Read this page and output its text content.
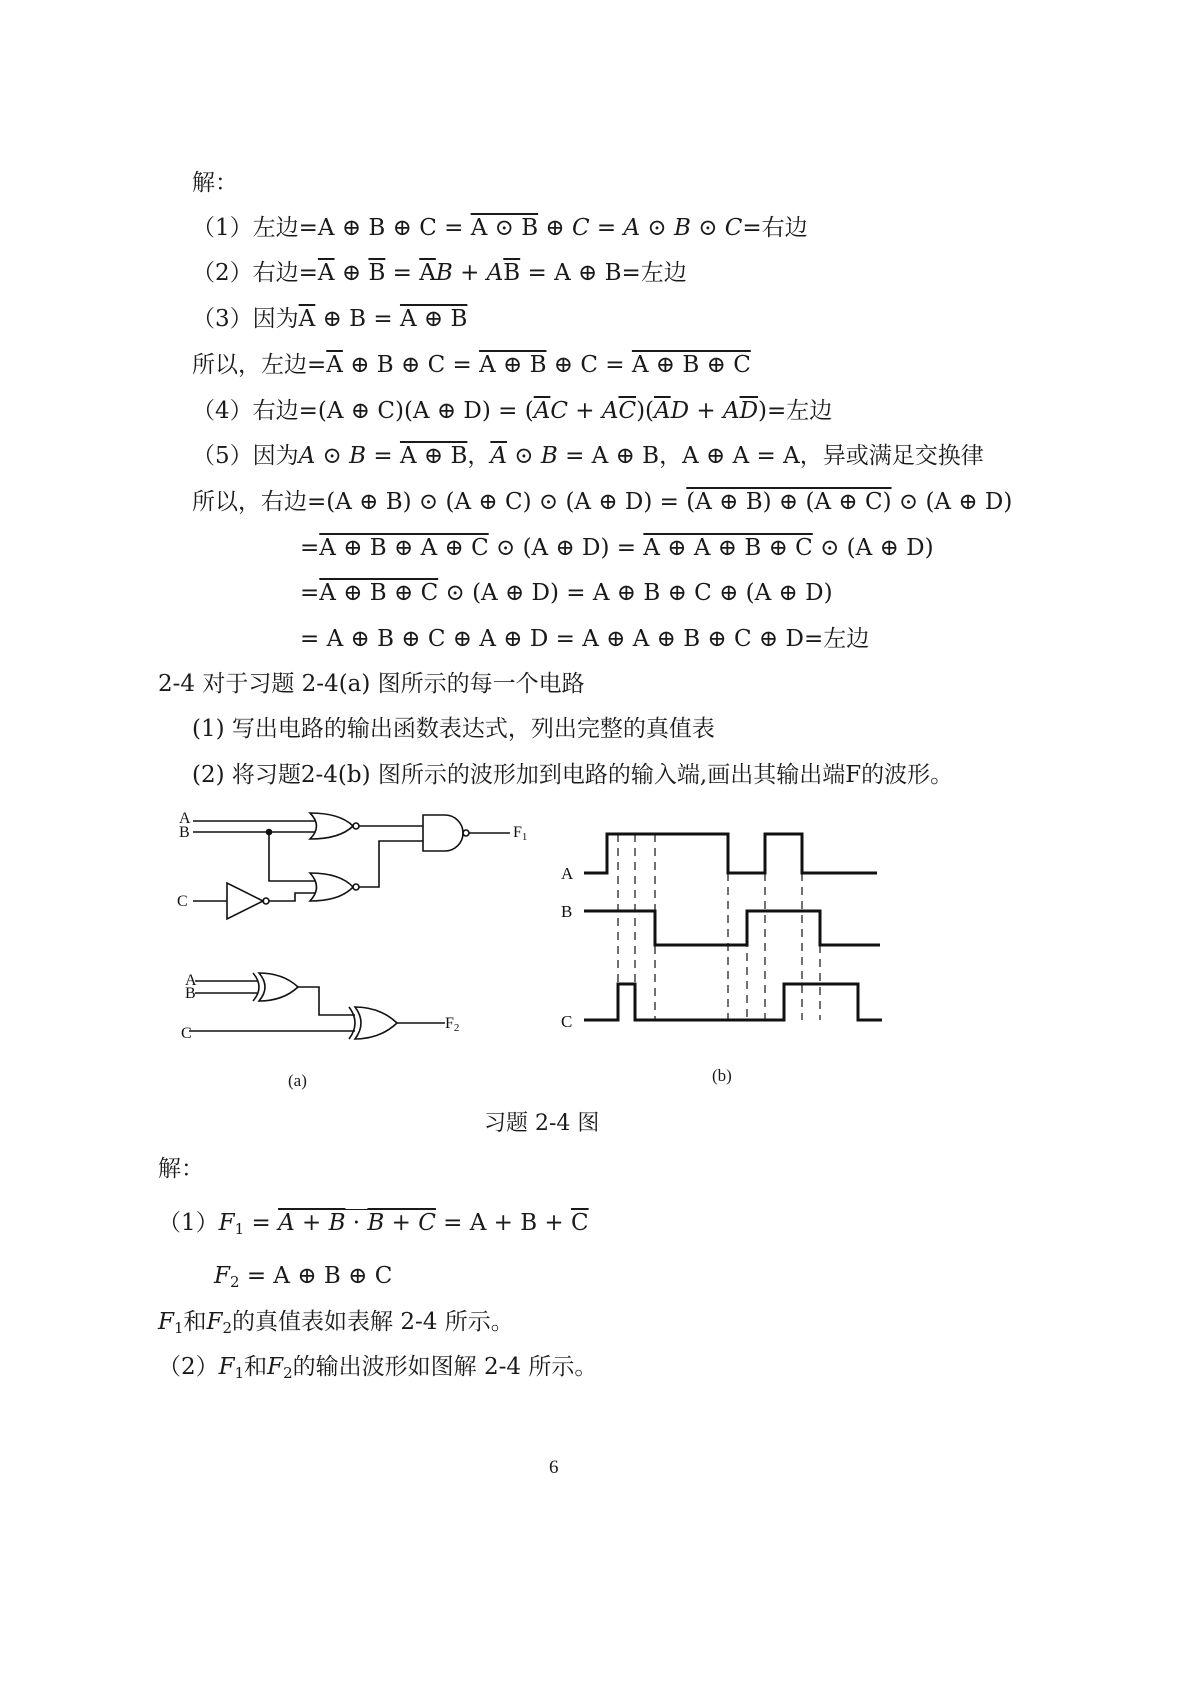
解：
（1）左边=A ⊕ B ⊕ C = A ⊙ B ⊕ C = A ⊙ B ⊙ C=右边
（2）右边$=\overline{A}$ ⊕ $\overline{B} = \overline{A}B + A\overline{B} = A$ ⊕ B=左边
（3）因为$\overline{A}$ ⊕ B = A ⊕ B
所以，左边$=\overline{A}$ ⊕ B ⊕ C = A ⊕ B ⊕ C = A ⊕ B ⊕ C
（4）右边=(A ⊕ C)(A ⊕ $D) = (\overline{A}C + A\overline{C})(\overline{A}D + A\overline{D})=$左边
（5）因为A ⊙ B = A ⊕ B，$\overline{A}$ ⊙ B = A ⊕ B，A ⊕ A = A，异或满足交换律
所以，右边=(A ⊕ B) ⊙ (A ⊕ C) ⊙ (A ⊕ D) = (A ⊕ B) ⊕ (A ⊕ C) ⊙ (A ⊕ D)
=A ⊕ B ⊕ A ⊕ C ⊙ (A ⊕ D) = A ⊕ A ⊕ B ⊕ C ⊙ (A ⊕ D)
=A ⊕ B ⊕ C ⊙ (A ⊕ D) = A ⊕ B ⊕ C ⊕ (A ⊕ D)
= A ⊕ B ⊕ C ⊕ A ⊕ D = A ⊕ A ⊕ B ⊕ C ⊕ D=左边
2-4 对于习题 2-4(a) 图所示的每一个电路
(1) 写出电路的输出函数表达式，列出完整的真值表
(2) 将习题2-4(b) 图所示的波形加到电路的输入端,画出其输出端F的波形。
A
B
C
A
B
C
F1
F2
A
B
C
(a)	(b)
习题 2-4 图
解：
$(1)F_1 = A + B \cdot B + C = A + B + \overline{C}$
$F_2 = A$ ⊕ B ⊕ C
$F_1$和$F_2$的真值表如表解 2-4 所示。
$(2)F_1$和$F_2$的输出波形如图解 2-4 所示。
6
